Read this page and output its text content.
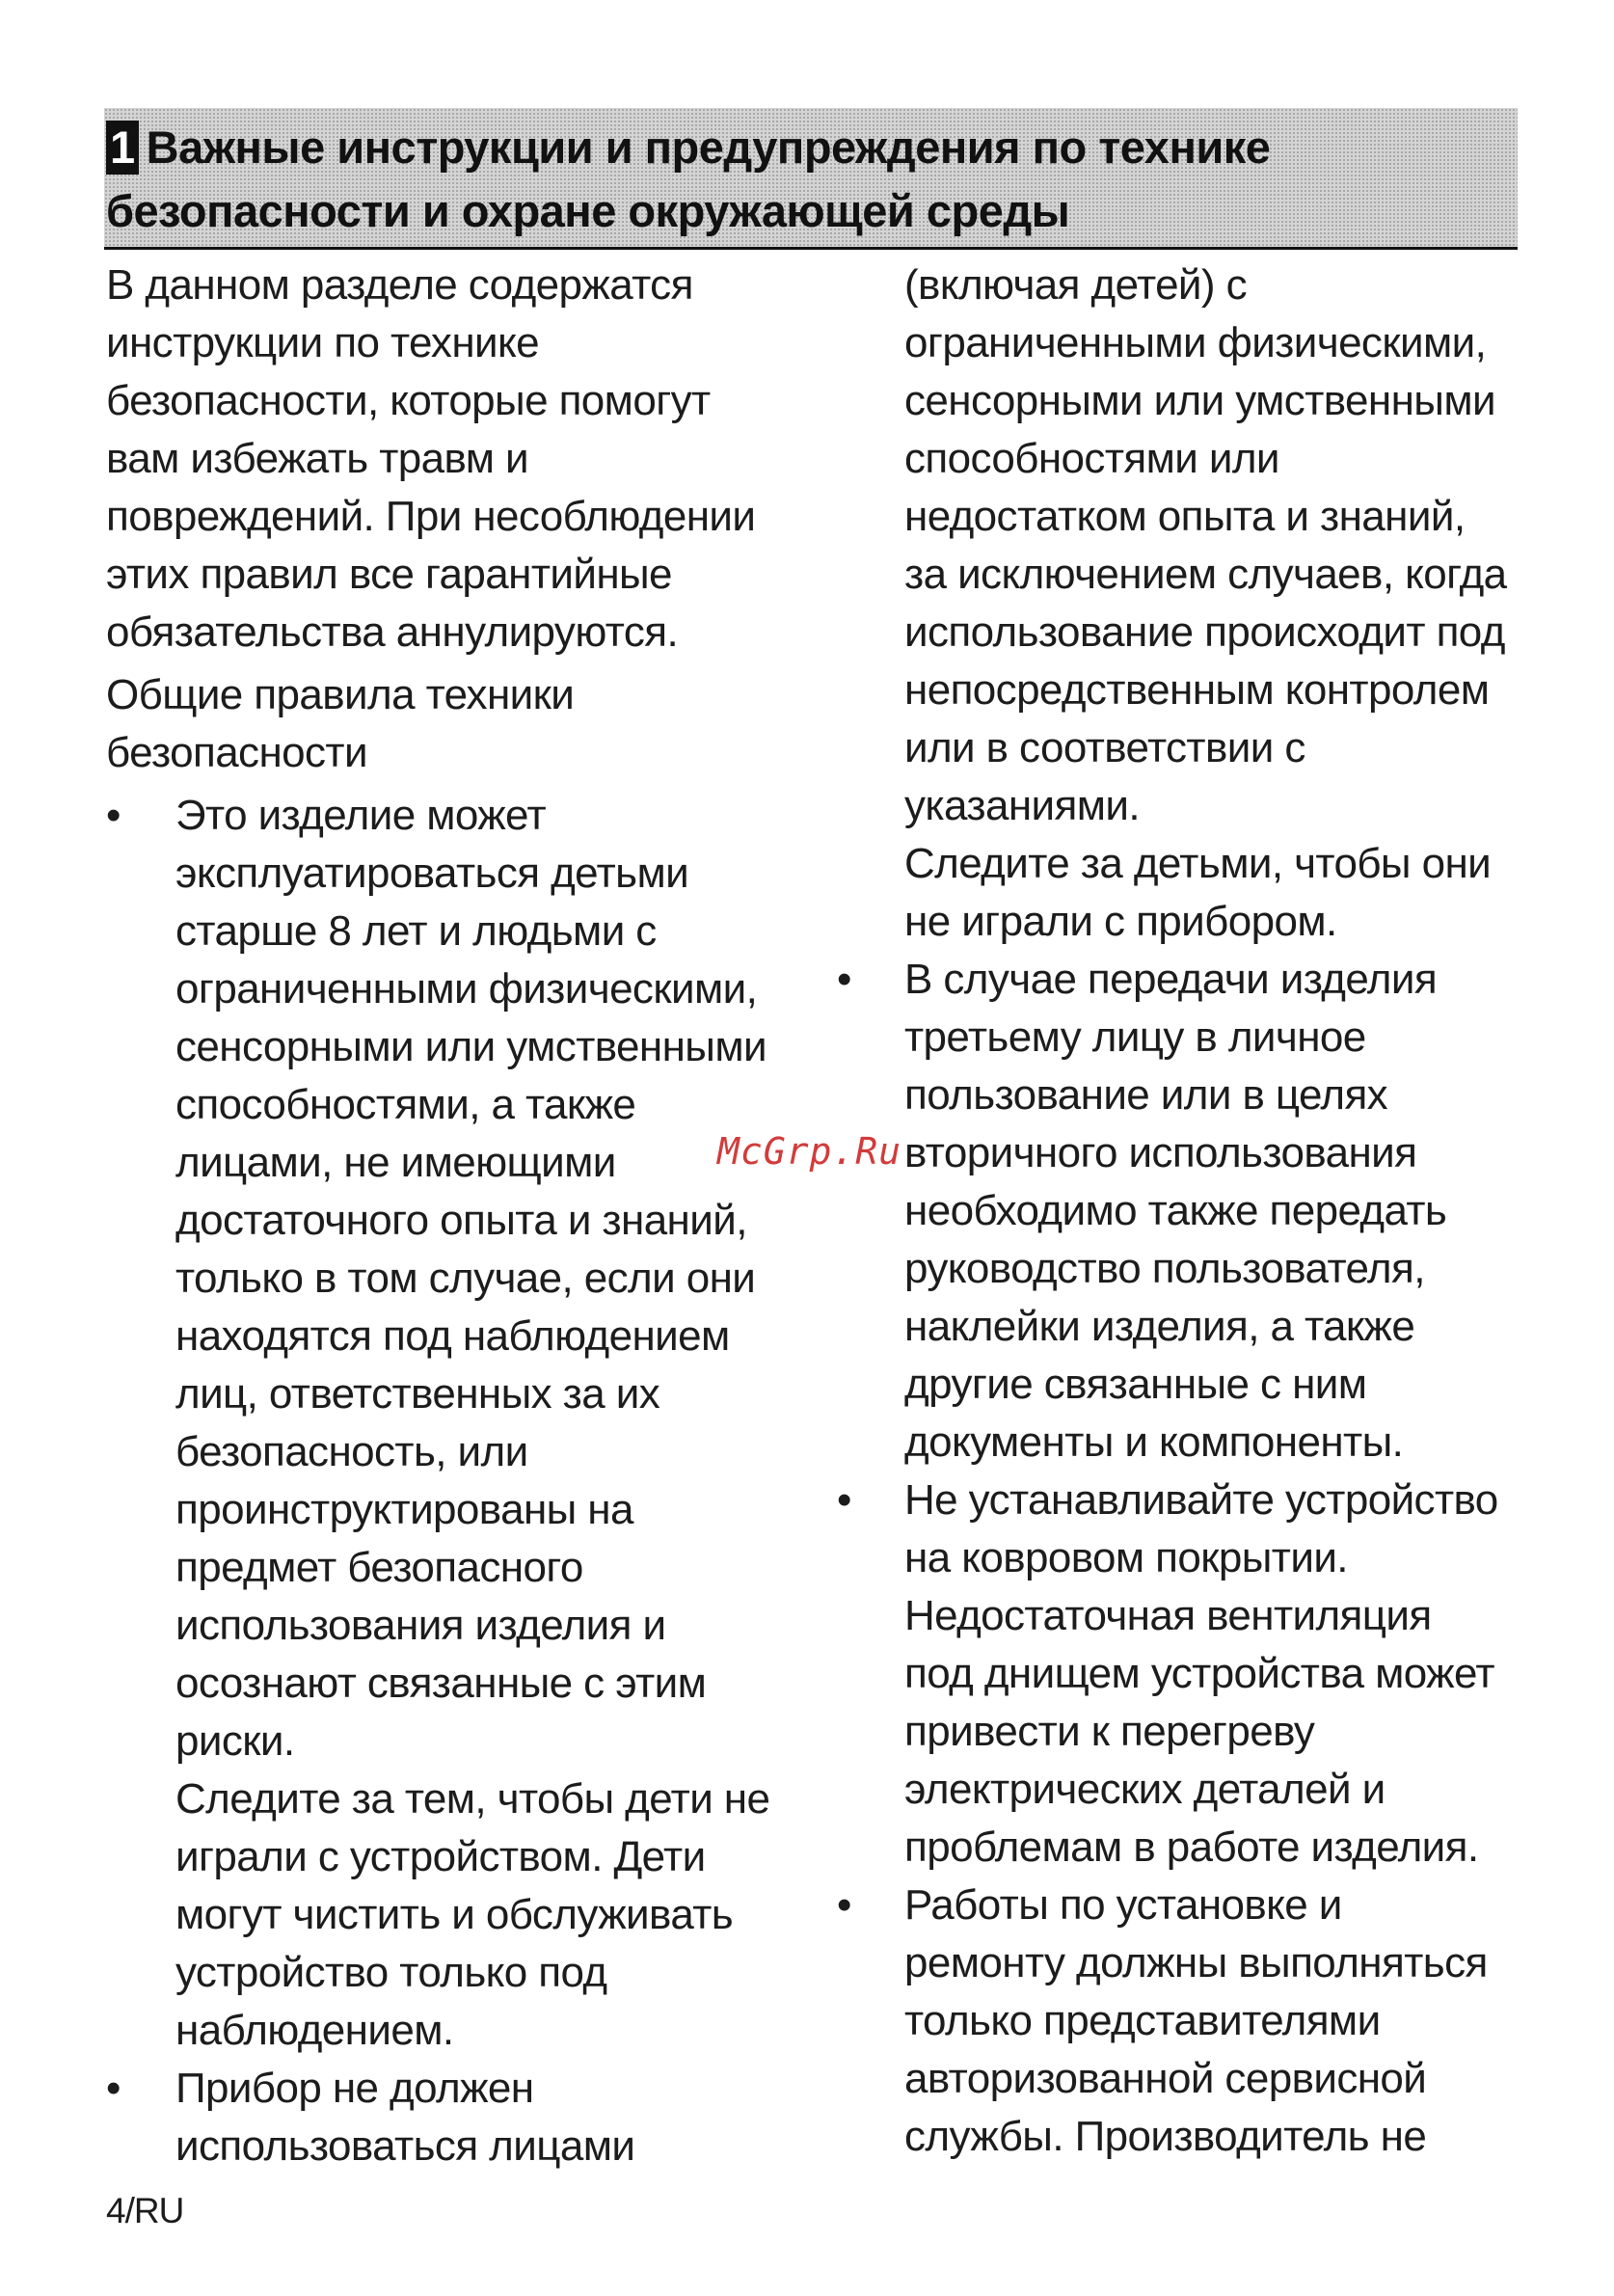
1 Важные инструкции и предупреждения по технике
безопасности и охране окружающей среды

В данном разделе содержатся
инструкции по технике
безопасности, которые помогут
вам избежать травм и
повреждений. При несоблюдении
этих правил все гарантийные
обязательства аннулируются.

Общие правила техники
безопасности

•	Это изделие может
эксплуатироваться детьми
старше 8 лет и людьми с
ограниченными физическими,
сенсорными или умственными
способностями, а также
лицами, не имеющими
достаточного опыта и знаний,
только в том случае, если они
находятся под наблюдением
лиц, ответственных за их
безопасность, или
проинструктированы на
предмет безопасного
использования изделия и
осознают связанные с этим
риски.
Следите за тем, чтобы дети не
играли с устройством. Дети
могут чистить и обслуживать
устройство только под
наблюдением.
•	Прибор не должен
использоваться лицами
(включая детей) с
ограниченными физическими,
сенсорными или умственными
способностями или
недостатком опыта и знаний,
за исключением случаев, когда
использование происходит под
непосредственным контролем
или в соответствии с
указаниями.
Следите за детьми, чтобы они
не играли с прибором.
•	В случае передачи изделия
третьему лицу в личное
пользование или в целях
вторичного использования
необходимо также передать
руководство пользователя,
наклейки изделия, а также
другие связанные с ним
документы и компоненты.
•	Не устанавливайте устройство
на ковровом покрытии.
Недостаточная вентиляция
под днищем устройства может
привести к перегреву
электрических деталей и
проблемам в работе изделия.
•	Работы по установке и
ремонту должны выполняться
только представителями
авторизованной сервисной
службы. Производитель не
McGrp.Ru
4/RU
